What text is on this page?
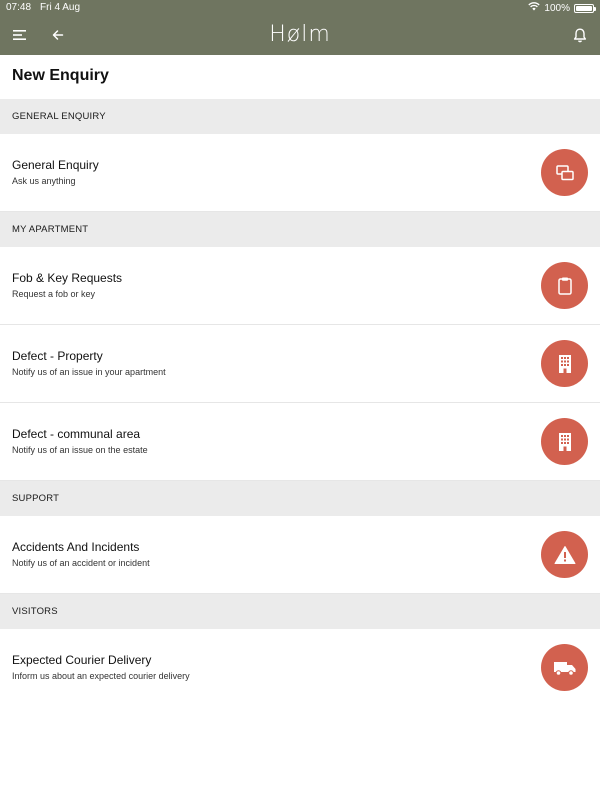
07:48 Fri 4 Aug	100%
Hølm
New Enquiry
GENERAL ENQUIRY
General Enquiry
Ask us anything
MY APARTMENT
Fob & Key Requests
Request a fob or key
Defect - Property
Notify us of an issue in your apartment
Defect - communal area
Notify us of an issue on the estate
SUPPORT
Accidents And Incidents
Notify us of an accident or incident
VISITORS
Expected Courier Delivery
Inform us about an expected courier delivery
